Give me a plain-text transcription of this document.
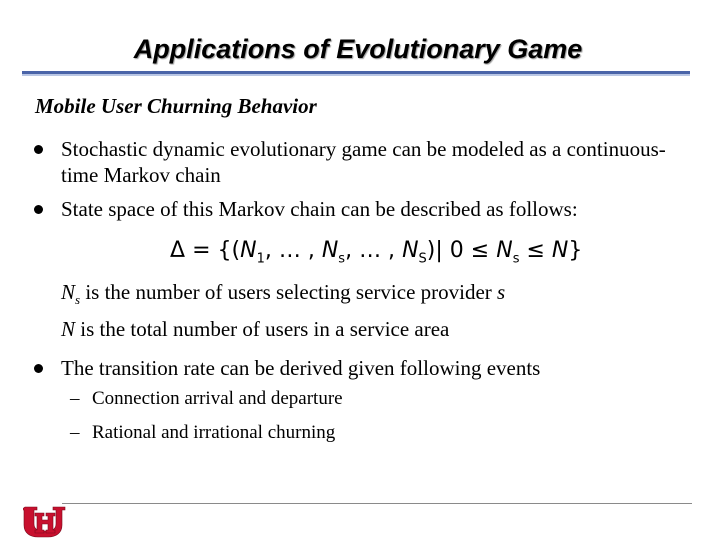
Applications of Evolutionary Game
Mobile User Churning Behavior
Stochastic dynamic evolutionary game can be modeled as a continuous-time Markov chain
State space of this Markov chain can be described as follows:
$\Delta = \{(N_1$, … , $N_s$, … , $N_S)|$ $0 \le N_s \le N$}
$N_s$ is the number of users selecting service provider s
N is the total number of users in a service area
The transition rate can be derived given following events
– Connection arrival and departure
– Rational and irrational churning
